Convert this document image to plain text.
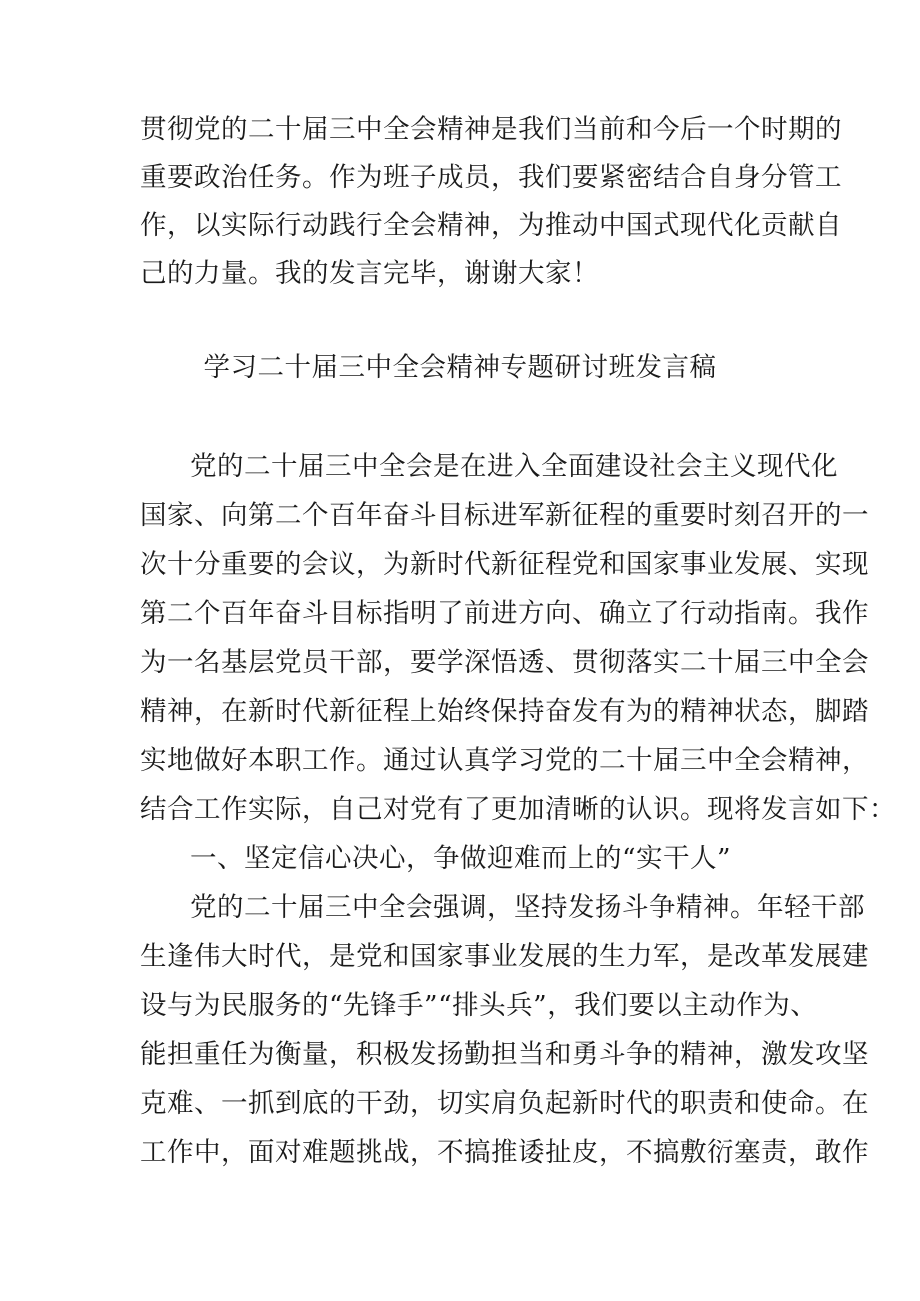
贯彻党的二十届三中全会精神是我们当前和今后一个时期的
重要政治任务。作为班子成员，我们要紧密结合自身分管工
作，以实际行动践行全会精神，为推动中国式现代化贡献自
己的力量。我的发言完毕，谢谢大家！
学习二十届三中全会精神专题研讨班发言稿
党的二十届三中全会是在进入全面建设社会主义现代化
国家、向第二个百年奋斗目标进军新征程的重要时刻召开的一
次十分重要的会议，为新时代新征程党和国家事业发展、实现
第二个百年奋斗目标指明了前进方向、确立了行动指南。我作
为一名基层党员干部，要学深悟透、贯彻落实二十届三中全会
精神，在新时代新征程上始终保持奋发有为的精神状态，脚踏
实地做好本职工作。通过认真学习党的二十届三中全会精神，
结合工作实际，自己对党有了更加清晰的认识。现将发言如下：
一、坚定信心决心，争做迎难而上的“实干人”
党的二十届三中全会强调，坚持发扬斗争精神。年轻干部
生逢伟大时代，是党和国家事业发展的生力军，是改革发展建
设与为民服务的“先锋手”“排头兵”，我们要以主动作为、
能担重任为衡量，积极发扬勤担当和勇斗争的精神，激发攻坚
克难、一抓到底的干劲，切实肩负起新时代的职责和使命。在
工作中，面对难题挑战，不搞推诿扯皮，不搞敷衍塞责，敢作
